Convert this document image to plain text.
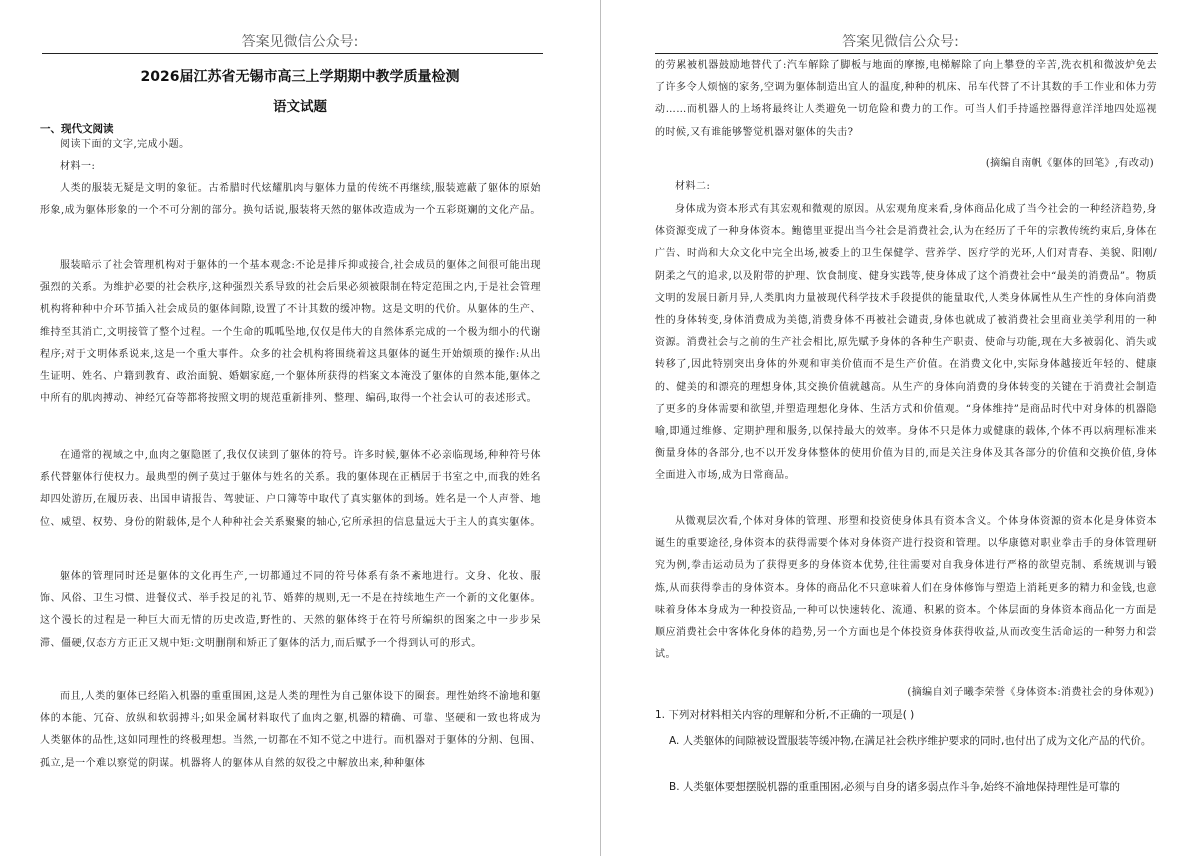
答案见微信公众号:
2026届江苏省无锡市高三上学期期中教学质量检测
语文试题
一、现代文阅读

阅读下面的文字,完成小题。

材料一:

人类的服装无疑是文明的象征。古希腊时代炫耀肌肉与躯体力量的传统不再继续,服装遮蔽了躯体的原始形象,成为躯体形象的一个不可分割的部分。换句话说,服装将天然的躯体改造成为一个五彩斑斓的文化产品。

服装暗示了社会管理机构对于躯体的一个基本观念:不论是排斥抑或接合,社会成员的躯体之间很可能出现强烈的关系。为维护必要的社会秩序,这种强烈关系导致的社会后果必须被限制在特定范围之内,于是社会管理机构将种种中介环节插入社会成员的躯体间隙,设置了不计其数的缓冲物。这是文明的代价。从躯体的生产、维持至其消亡,文明接管了整个过程。一个生命的呱呱坠地,仅仅是伟大的自然体系完成的一个极为细小的代谢程序;对于文明体系说来,这是一个重大事件。众多的社会机构将围绕着这具躯体的诞生开始烦琐的操作:从出生证明、姓名、户籍到教育、政治面貌、婚姻家庭,一个躯体所获得的档案文本淹没了躯体的自然本能,躯体之中所有的肌肉搏动、神经冗奋等都将按照文明的规范重新排列、整理、编码,取得一个社会认可的表述形式。

在通常的视域之中,血肉之躯隐匿了,我仅仅读到了躯体的符号。许多时候,躯体不必亲临现场,种种符号体系代替躯体行使权力。最典型的例子莫过于躯体与姓名的关系。我的躯体现在正栖居于书室之中,而我的姓名却四处游历,在履历表、出国申请报告、驾驶证、户口簿等中取代了真实躯体的到场。姓名是一个人声誉、地位、威望、权势、身份的附载体,是个人种种社会关系聚聚的轴心,它所承担的信息量远大于主人的真实躯体。

躯体的管理同时还是躯体的文化再生产,一切都通过不同的符号体系有条不紊地进行。文身、化妆、服饰、风俗、卫生习惯、进餐仪式、举手投足的礼节、婚葬的规则,无一不是在持续地生产一个新的文化躯体。这个漫长的过程是一种巨大而无情的历史改造,野性的、天然的躯体终于在符号所编织的图案之中一步步呆滞、僵硬,仅态方方正正又规中矩:文明删削和矫正了躯体的活力,而后赋予一个得到认可的形式。

而且,人类的躯体已经陷入机器的重重围困,这是人类的理性为自己躯体设下的圈套。理性始终不渝地和躯体的本能、冗奋、放纵和软弱搏斗;如果金属材料取代了血肉之躯,机器的精确、可靠、坚硬和一致也将成为人类躯体的品性,这如同理性的终极理想。当然,一切都在不知不觉之中进行。而机器对于躯体的分割、包围、孤立,是一个难以察觉的阴谋。机器将人的躯体从自然的奴役之中解放出来,种种躯体

答案见微信公众号:

的劳累被机器鼓励地替代了:汽车解除了脚板与地面的摩擦,电梯解除了向上攀登的辛苦,洗衣机和微波炉免去了许多令人烦恼的家务,空调为躯体制造出宜人的温度,种种的机床、吊车代替了不计其数的手工作业和体力劳动……而机器人的上场将最终让人类避免一切危险和费力的工作。可当人们手持遥控器得意洋洋地四处巡视的时候,又有谁能够警觉机器对躯体的失击?

(摘编自南帆《躯体的回笔》,有改动)

材料二:

身体成为资本形式有其宏观和微观的原因。从宏观角度来看,身体商品化成了当今社会的一种经济趋势,身体资源变成了一种身体资本。鲍德里亚提出当今社会是消费社会,认为在经历了千年的宗教传统约束后,身体在广告、时尚和大众文化中完全出场,被委上的卫生保健学、营养学、医疗学的光环,人们对青春、美貌、阳刚/阴柔之气的追求,以及附带的护理、饮食制度、健身实践等,使身体成了这个消费社会中“最美的消费品”。物质文明的发展日新月异,人类肌肉力量被现代科学技术手段提供的能量取代,人类身体属性从生产性的身体向消费性的身体转变,身体消费成为美德,消费身体不再被社会谴责,身体也就成了被消费社会里商业美学利用的一种资源。消费社会与之前的生产社会相比,原先赋予身体的各种生产职责、使命与功能,现在大多被弱化、消失或转移了,因此特别突出身体的外观和审美价值而不是生产价值。在消费文化中,实际身体越接近年轻的、健康的、健美的和漂亮的理想身体,其交换价值就越高。从生产的身体向消费的身体转变的关键在于消费社会制造了更多的身体需要和欲望,并塑造理想化身体、生活方式和价值观。“身体维持”是商品时代中对身体的机器隐喻,即通过维修、定期护理和服务,以保持最大的效率。身体不只是体力或健康的载体,个体不再以病理标准来衡量身体的各部分,也不以开发身体整体的使用价值为目的,而是关注身体及其各部分的价值和交换价值,身体全面进入市场,成为日常商品。

从微观层次看,个体对身体的管理、形塑和投资使身体具有资本含义。个体身体资源的资本化是身体资本诞生的重要途径,身体资本的获得需要个体对身体资产进行投资和管理。以华康德对职业拳击手的身体管理研究为例,拳击运动员为了获得更多的身体资本优势,往往需要对自我身体进行严格的欲望克制、系统规训与锻炼,从而获得拳击的身体资本。身体的商品化不只意味着人们在身体修饰与塑造上消耗更多的精力和金钱,也意味着身体本身成为一种投资品,一种可以快速转化、流通、积累的资本。个体层面的身体资本商品化一方面是顺应消费社会中客体化身体的趋势,另一个方面也是个体投资身体获得收益,从而改变生活命运的一种努力和尝试。

(摘编自刘子曦李荣誉《身体资本:消费社会的身体观》)

1. 下列对材料相关内容的理解和分析,不正确的一项是( )

A. 人类躯体的间隙被设置服装等缓冲物,在满足社会秩序维护要求的同时,也付出了成为文化产品的代价。

B. 人类躯体要想摆脱机器的重重围困,必须与自身的诸多弱点作斗争,始终不渝地保持理性是可靠的
